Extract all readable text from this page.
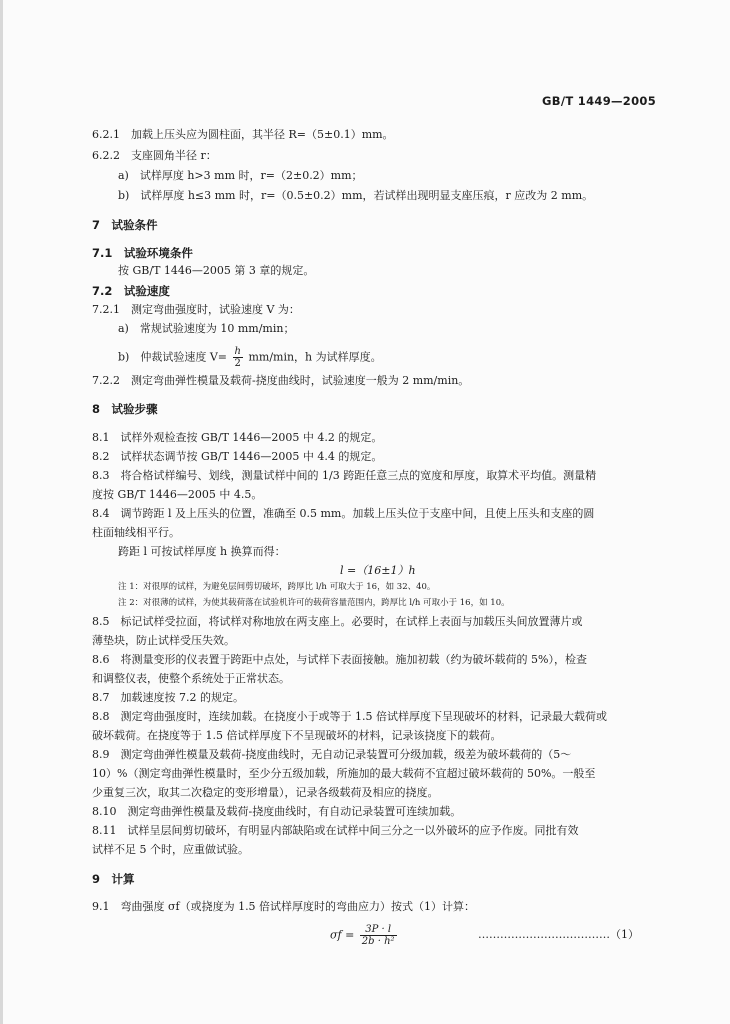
GB/T 1449—2005
6.2.1　加载上压头应为圆柱面，其半径 R=（5±0.1）mm。
6.2.2　支座圆角半径 r：
a)　试样厚度 h>3 mm 时，r=（2±0.2）mm；
b)　试样厚度 h≤3 mm 时，r=（0.5±0.2）mm，若试样出现明显支座压痕，r 应改为 2 mm。
7　试验条件
7.1　试验环境条件
按 GB/T 1446—2005 第 3 章的规定。
7.2　试验速度
7.2.1　测定弯曲强度时，试验速度 V 为：
a)　常规试验速度为 10 mm/min；
b)　仲裁试验速度 $V= \frac{h}{2} mm/\min$，h 为试样厚度。
7.2.2　测定弯曲弹性模量及载荷-挠度曲线时，试验速度一般为 2 mm/min。
8　试验步骤
8.1　试样外观检查按 GB/T 1446—2005 中 4.2 的规定。
8.2　试样状态调节按 GB/T 1446—2005 中 4.4 的规定。
8.3　将合格试样编号、划线，测量试样中间的 1/3 跨距任意三点的宽度和厚度，取算术平均值。测量精
度按 GB/T 1446—2005 中 4.5。
8.4　调节跨距 l 及上压头的位置，准确至 0.5 mm。加载上压头位于支座中间，且使上压头和支座的圆
柱面轴线相平行。
跨距 l 可按试样厚度 h 换算而得：
l =（16±1）h
注 1：对很厚的试样，为避免层间剪切破坏，跨厚比 l/h 可取大于 16，如 32、40。
注 2：对很薄的试样，为使其载荷落在试验机许可的载荷容量范围内，跨厚比 l/h 可取小于 16，如 10。
8.5　标记试样受拉面，将试样对称地放在两支座上。必要时，在试样上表面与加载压头间放置薄片或
薄垫块，防止试样受压失效。
8.6　将测量变形的仪表置于跨距中点处，与试样下表面接触。施加初载（约为破坏载荷的 5%），检查
和调整仪表，使整个系统处于正常状态。
8.7　加载速度按 7.2 的规定。
8.8　测定弯曲强度时，连续加载。在挠度小于或等于 1.5 倍试样厚度下呈现破坏的材料，记录最大载荷或
破坏载荷。在挠度等于 1.5 倍试样厚度下不呈现破坏的材料，记录该挠度下的载荷。
8.9　测定弯曲弹性模量及载荷-挠度曲线时，无自动记录装置可分级加载，级差为破坏载荷的（5～
10）%（测定弯曲弹性模量时，至少分五级加载，所施加的最大载荷不宜超过破坏载荷的 50%。一般至
少重复三次，取其二次稳定的变形增量），记录各级载荷及相应的挠度。
8.10　测定弯曲弹性模量及载荷-挠度曲线时，有自动记录装置可连续加载。
8.11　试样呈层间剪切破坏，有明显内部缺陷或在试样中间三分之一以外破坏的应予作废。同批有效
试样不足 5 个时，应重做试验。
9　计算
9.1　弯曲强度 σf（或挠度为 1.5 倍试样厚度时的弯曲应力）按式（1）计算：
$\sigma f = \frac{3P \cdot l}{\text{2b · h²}}$	………………………………（1）
